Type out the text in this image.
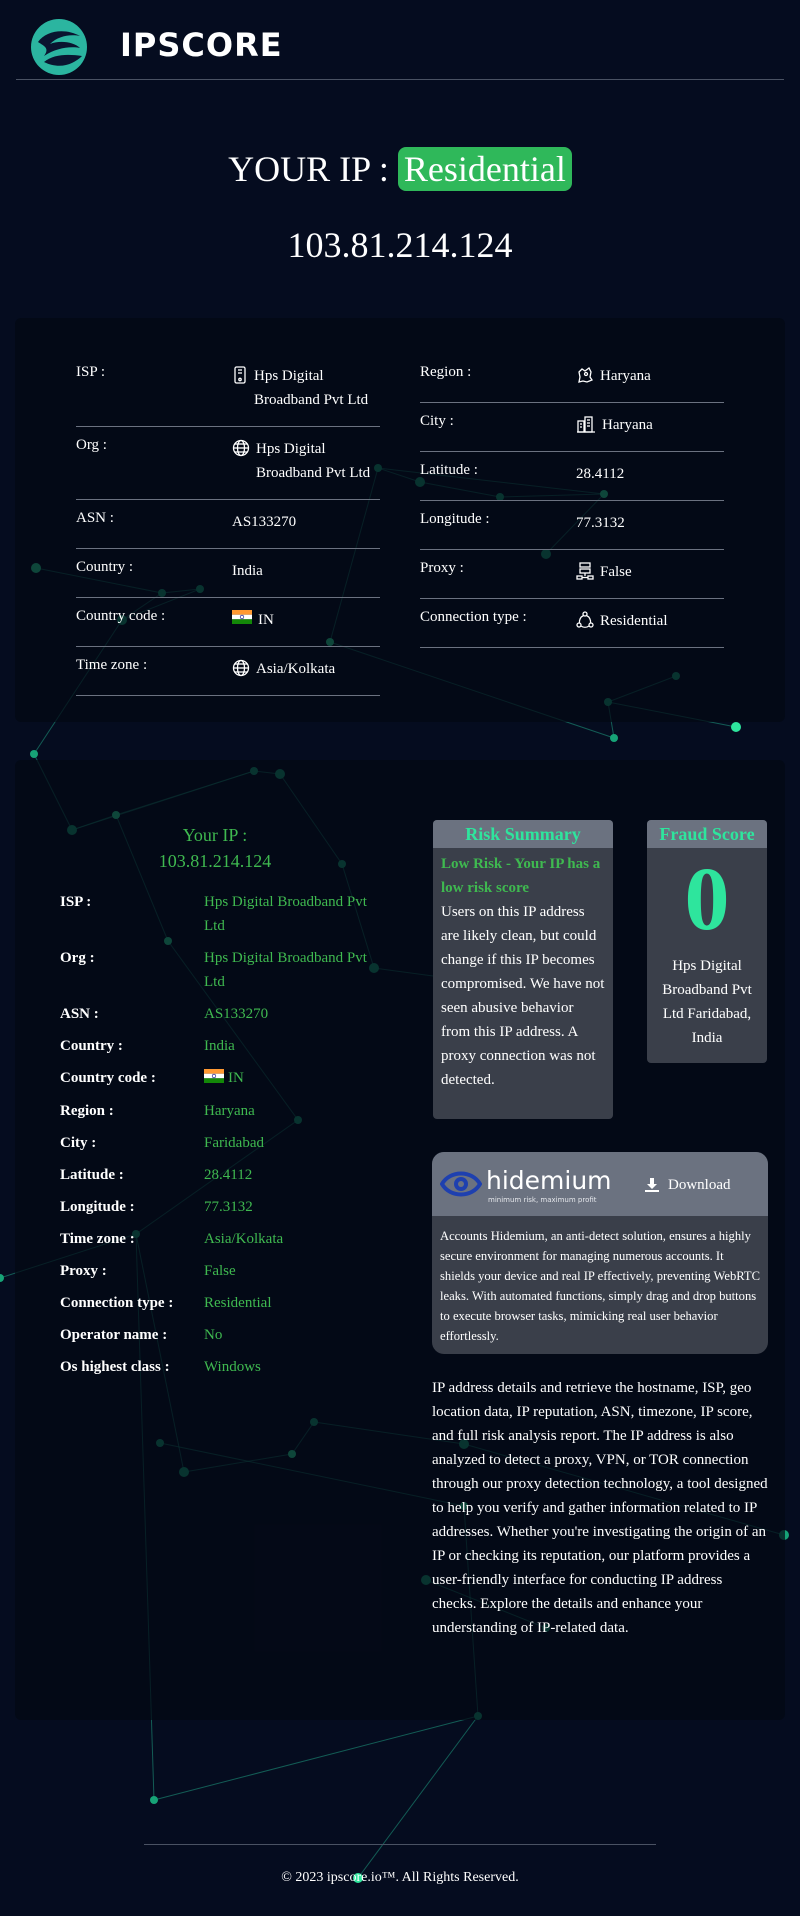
IPSCORE
YOUR IP : Residential
103.81.214.124
ISP :	Hps Digital Broadband Pvt Ltd
Org :	Hps Digital Broadband Pvt Ltd
ASN :	AS133270
Country :	India
Country code :	IN
Time zone :	Asia/Kolkata
Region :	Haryana
City :	Haryana
Latitude :	28.4112
Longitude :	77.3132
Proxy :	False
Connection type :	Residential
Your IP :
103.81.214.124
ISP :	Hps Digital Broadband Pvt Ltd
Org :	Hps Digital Broadband Pvt Ltd
ASN :	AS133270
Country :	India
Country code :	IN
Region :	Haryana
City :	Faridabad
Latitude :	28.4112
Longitude :	77.3132
Time zone :	Asia/Kolkata
Proxy :	False
Connection type :	Residential
Operator name :	No
Os highest class :	Windows
Risk Summary
Low Risk - Your IP has a low risk score
Users on this IP address are likely clean, but could change if this IP becomes compromised. We have not seen abusive behavior from this IP address. A proxy connection was not detected.
Fraud Score
0
Hps Digital Broadband Pvt Ltd Faridabad, India
hidemium
minimum risk, maximum profit
Download
Accounts Hidemium, an anti-detect solution, ensures a highly secure environment for managing numerous accounts. It shields your device and real IP effectively, preventing WebRTC leaks. With automated functions, simply drag and drop buttons to execute browser tasks, mimicking real user behavior effortlessly.
IP address details and retrieve the hostname, ISP, geo location data, IP reputation, ASN, timezone, IP score, and full risk analysis report. The IP address is also analyzed to detect a proxy, VPN, or TOR connection through our proxy detection technology, a tool designed to help you verify and gather information related to IP addresses. Whether you're investigating the origin of an IP or checking its reputation, our platform provides a user-friendly interface for conducting IP address checks. Explore the details and enhance your understanding of IP-related data.
© 2023 ipscore.io™. All Rights Reserved.
